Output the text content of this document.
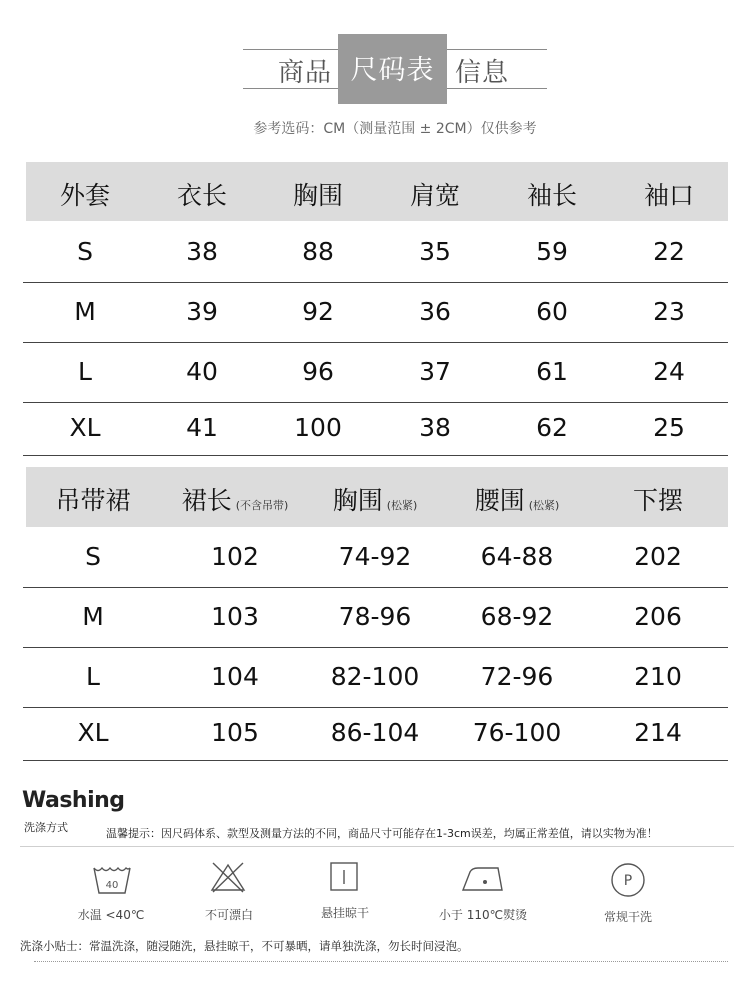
商品 尺码表 信息
参考选码：CM（测量范围 ± 2CM）仅供参考
外套	衣长	胸围	肩宽	袖长	袖口
S	38	88	35	59	22
M	39	92	36	60	23
L	40	96	37	61	24
XL	41	100	38	62	25
吊带裙	裙长 (不含吊带)	胸围 (松紧)	腰围 (松紧)	下摆
S	102	74-92	64-88	202
M	103	78-96	68-92	206
L	104	82-100	72-96	210
XL	105	86-104	76-100	214
Washing
洗涤方式	温馨提示：因尺码体系、款型及测量方法的不同，商品尺寸可能存在1-3cm误差，均属正常差值，请以实物为准！
40
水温 <40℃	不可漂白	悬挂晾干	小于 110℃熨烫
P
常规干洗
洗涤小贴士：常温洗涤，随浸随洗，悬挂晾干，不可暴晒，请单独洗涤，勿长时间浸泡。
